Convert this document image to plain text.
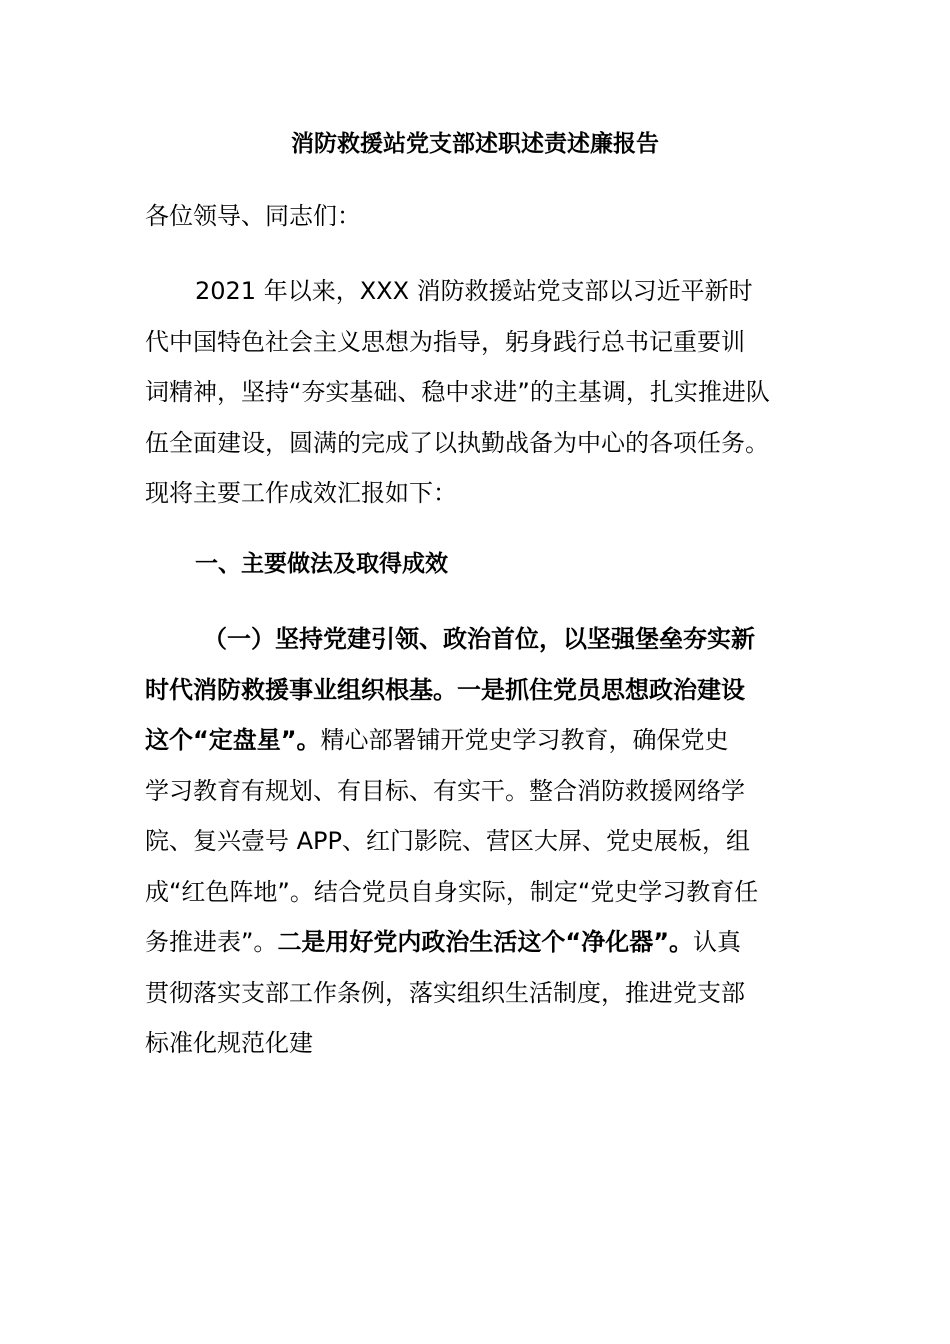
消防救援站党支部述职述责述廉报告

各位领导、同志们：

2021 年以来，XXX 消防救援站党支部以习近平新时
代中国特色社会主义思想为指导，躬身践行总书记重要训
词精神，坚持“夯实基础、稳中求进”的主基调，扎实推进队
伍全面建设，圆满的完成了以执勤战备为中心的各项任务。
现将主要工作成效汇报如下：
一、主要做法及取得成效
（一）坚持党建引领、政治首位，以坚强堡垒夯实新
时代消防救援事业组织根基。一是抓住党员思想政治建设
这个“定盘星”。精心部署铺开党史学习教育，确保党史
学习教育有规划、有目标、有实干。整合消防救援网络学
院、复兴壹号 APP、红门影院、营区大屏、党史展板，组
成“红色阵地”。结合党员自身实际，制定“党史学习教育任
务推进表”。二是用好党内政治生活这个“净化器”。认真
贯彻落实支部工作条例，落实组织生活制度，推进党支部
标准化规范化建
